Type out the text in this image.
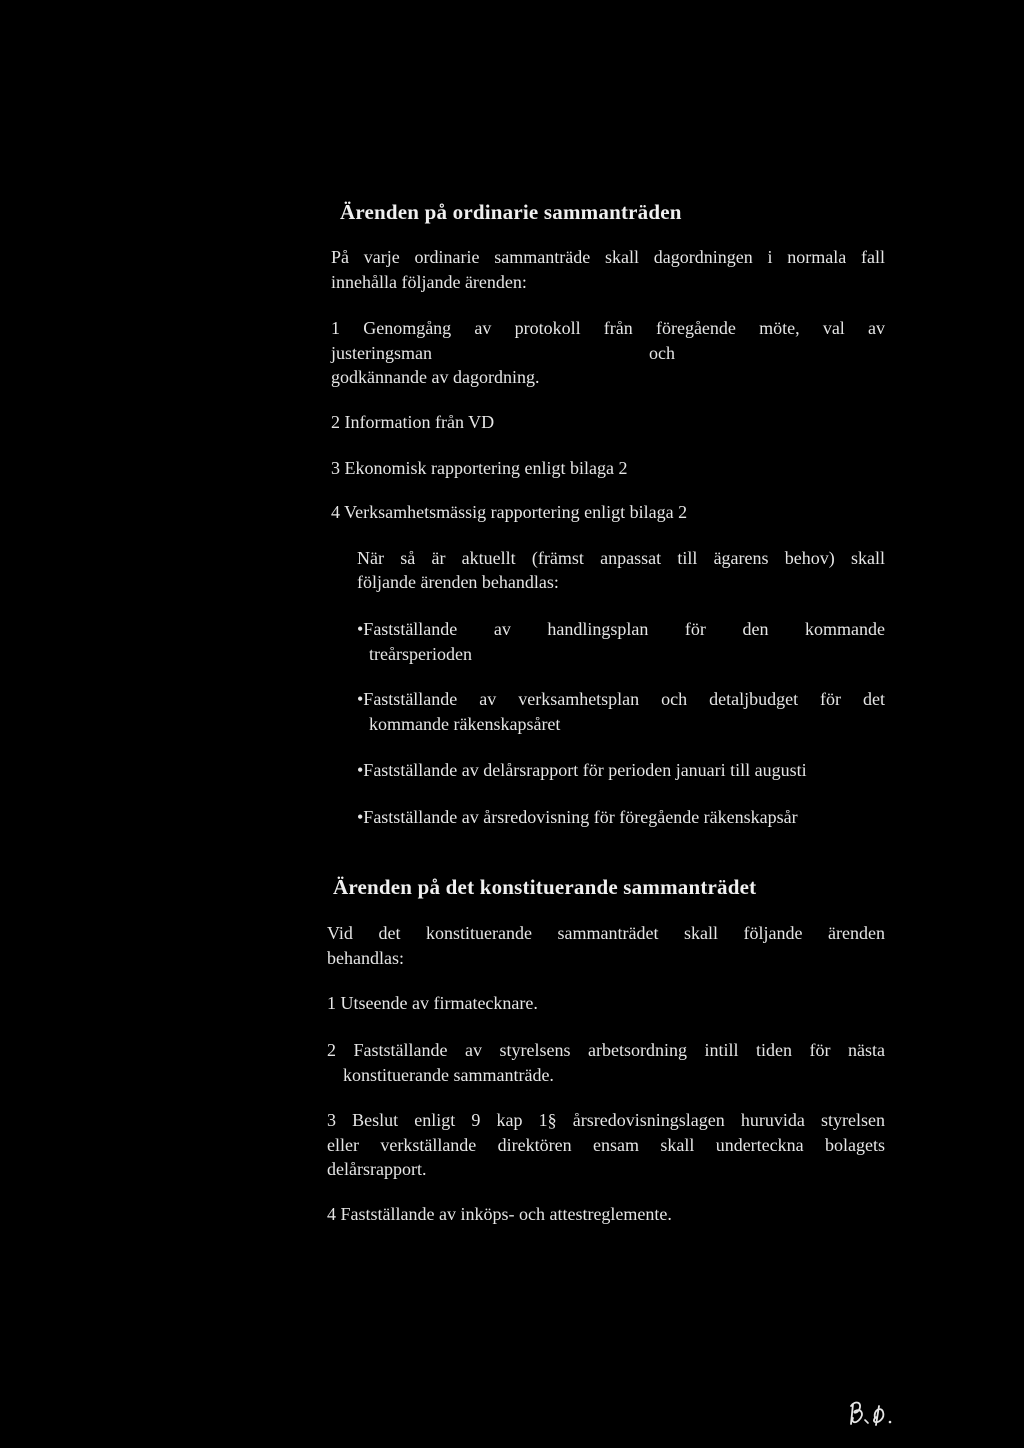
Ärenden på ordinarie sammanträden

På varje ordinarie sammanträde skall dagordningen i normala fall

innehålla följande ärenden:

1 Genomgång av protokoll från föregående möte, val av

justeringsman	och

godkännande av dagordning.

2 Information från VD

3 Ekonomisk rapportering enligt bilaga 2

4 Verksamhetsmässig rapportering enligt bilaga 2

När så är aktuellt (främst anpassat till ägarens behov) skall

följande ärenden behandlas:

•Fastställande av handlingsplan för den kommande

treårsperioden

•Fastställande av verksamhetsplan och detaljbudget för det

kommande räkenskapsåret

•Fastställande av delårsrapport för perioden januari till augusti

•Fastställande av årsredovisning för föregående räkenskapsår

Ärenden på det konstituerande sammanträdet

Vid det konstituerande sammanträdet skall följande ärenden

behandlas:

1 Utseende av firmatecknare.

2 Fastställande av styrelsens arbetsordning intill tiden för nästa

konstituerande sammanträde.

3 Beslut enligt 9 kap 1§ årsredovisningslagen huruvida styrelsen

eller verkställande direktören ensam skall underteckna bolagets

delårsrapport.

4 Fastställande av inköps- och attestreglemente.
